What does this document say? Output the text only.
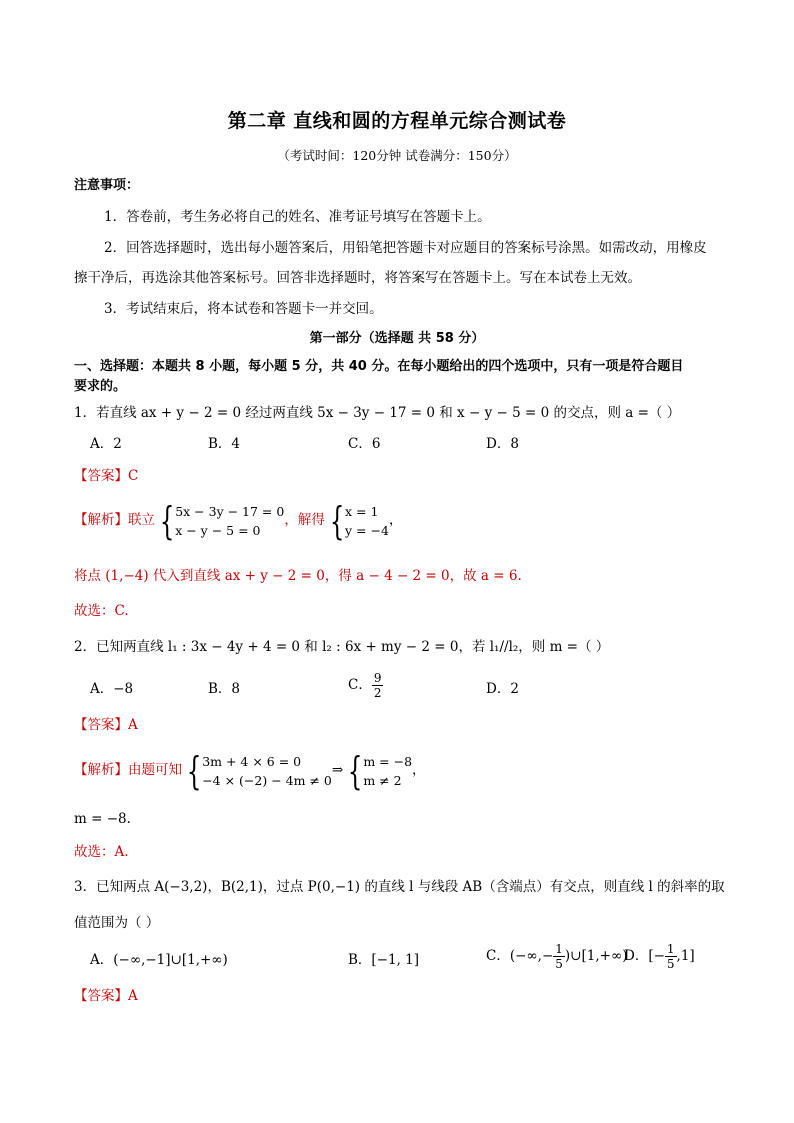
第二章 直线和圆的方程单元综合测试卷
（考试时间：120分钟 试卷满分：150分）
注意事项：
1．答卷前，考生务必将自己的姓名、准考证号填写在答题卡上。
2．回答选择题时，选出每小题答案后，用铅笔把答题卡对应题目的答案标号涂黑。如需改动，用橡皮
擦干净后，再选涂其他答案标号。回答非选择题时，将答案写在答题卡上。写在本试卷上无效。
3．考试结束后，将本试卷和答题卡一并交回。
第一部分（选择题 共 58 分）
一、选择题：本题共 8 小题，每小题 5 分，共 40 分。在每小题给出的四个选项中，只有一项是符合题目
要求的。
1．若直线 ax + y − 2 = 0 经过两直线 5x − 3y − 17 = 0 和 x − y − 5 = 0 的交点，则 a =（ ）
A．2	B．4	C．6	D．8
【答案】C
【解析】联立 { 5x − 3y − 17 = 0
x − y − 5 = 0
，解得 { x = 1
y = −4
，
将点 (1,−4) 代入到直线 ax + y − 2 = 0，得 a − 4 − 2 = 0，故 a = 6.
故选：C.
2．已知两直线 l₁ : 3x − 4y + 4 = 0 和 l₂ : 6x + my − 2 = 0，若 l₁//l₂，则 m =（ ）
A．−8	B．8	C． $\frac{9}{2}$	D．2
【答案】A
【解析】由题可知 { 3m + 4 × 6 = 0
−4 × (−2) − 4m ≠ 0
⇒ { m = −8
m ≠ 2
，
m = −8.
故选：A.
3．已知两点 A(−3,2)，B(2,1)，过点 P(0,−1) 的直线 l 与线段 AB（含端点）有交点，则直线 l 的斜率的取
值范围为（ ）
A．(−∞,−1]∪[1,+∞)	B．[−1, 1]	C．(−∞,− $\frac{1}{5}$ )∪[1,+∞)
D．[− $\frac{1}{5} ,1$]
【答案】A
